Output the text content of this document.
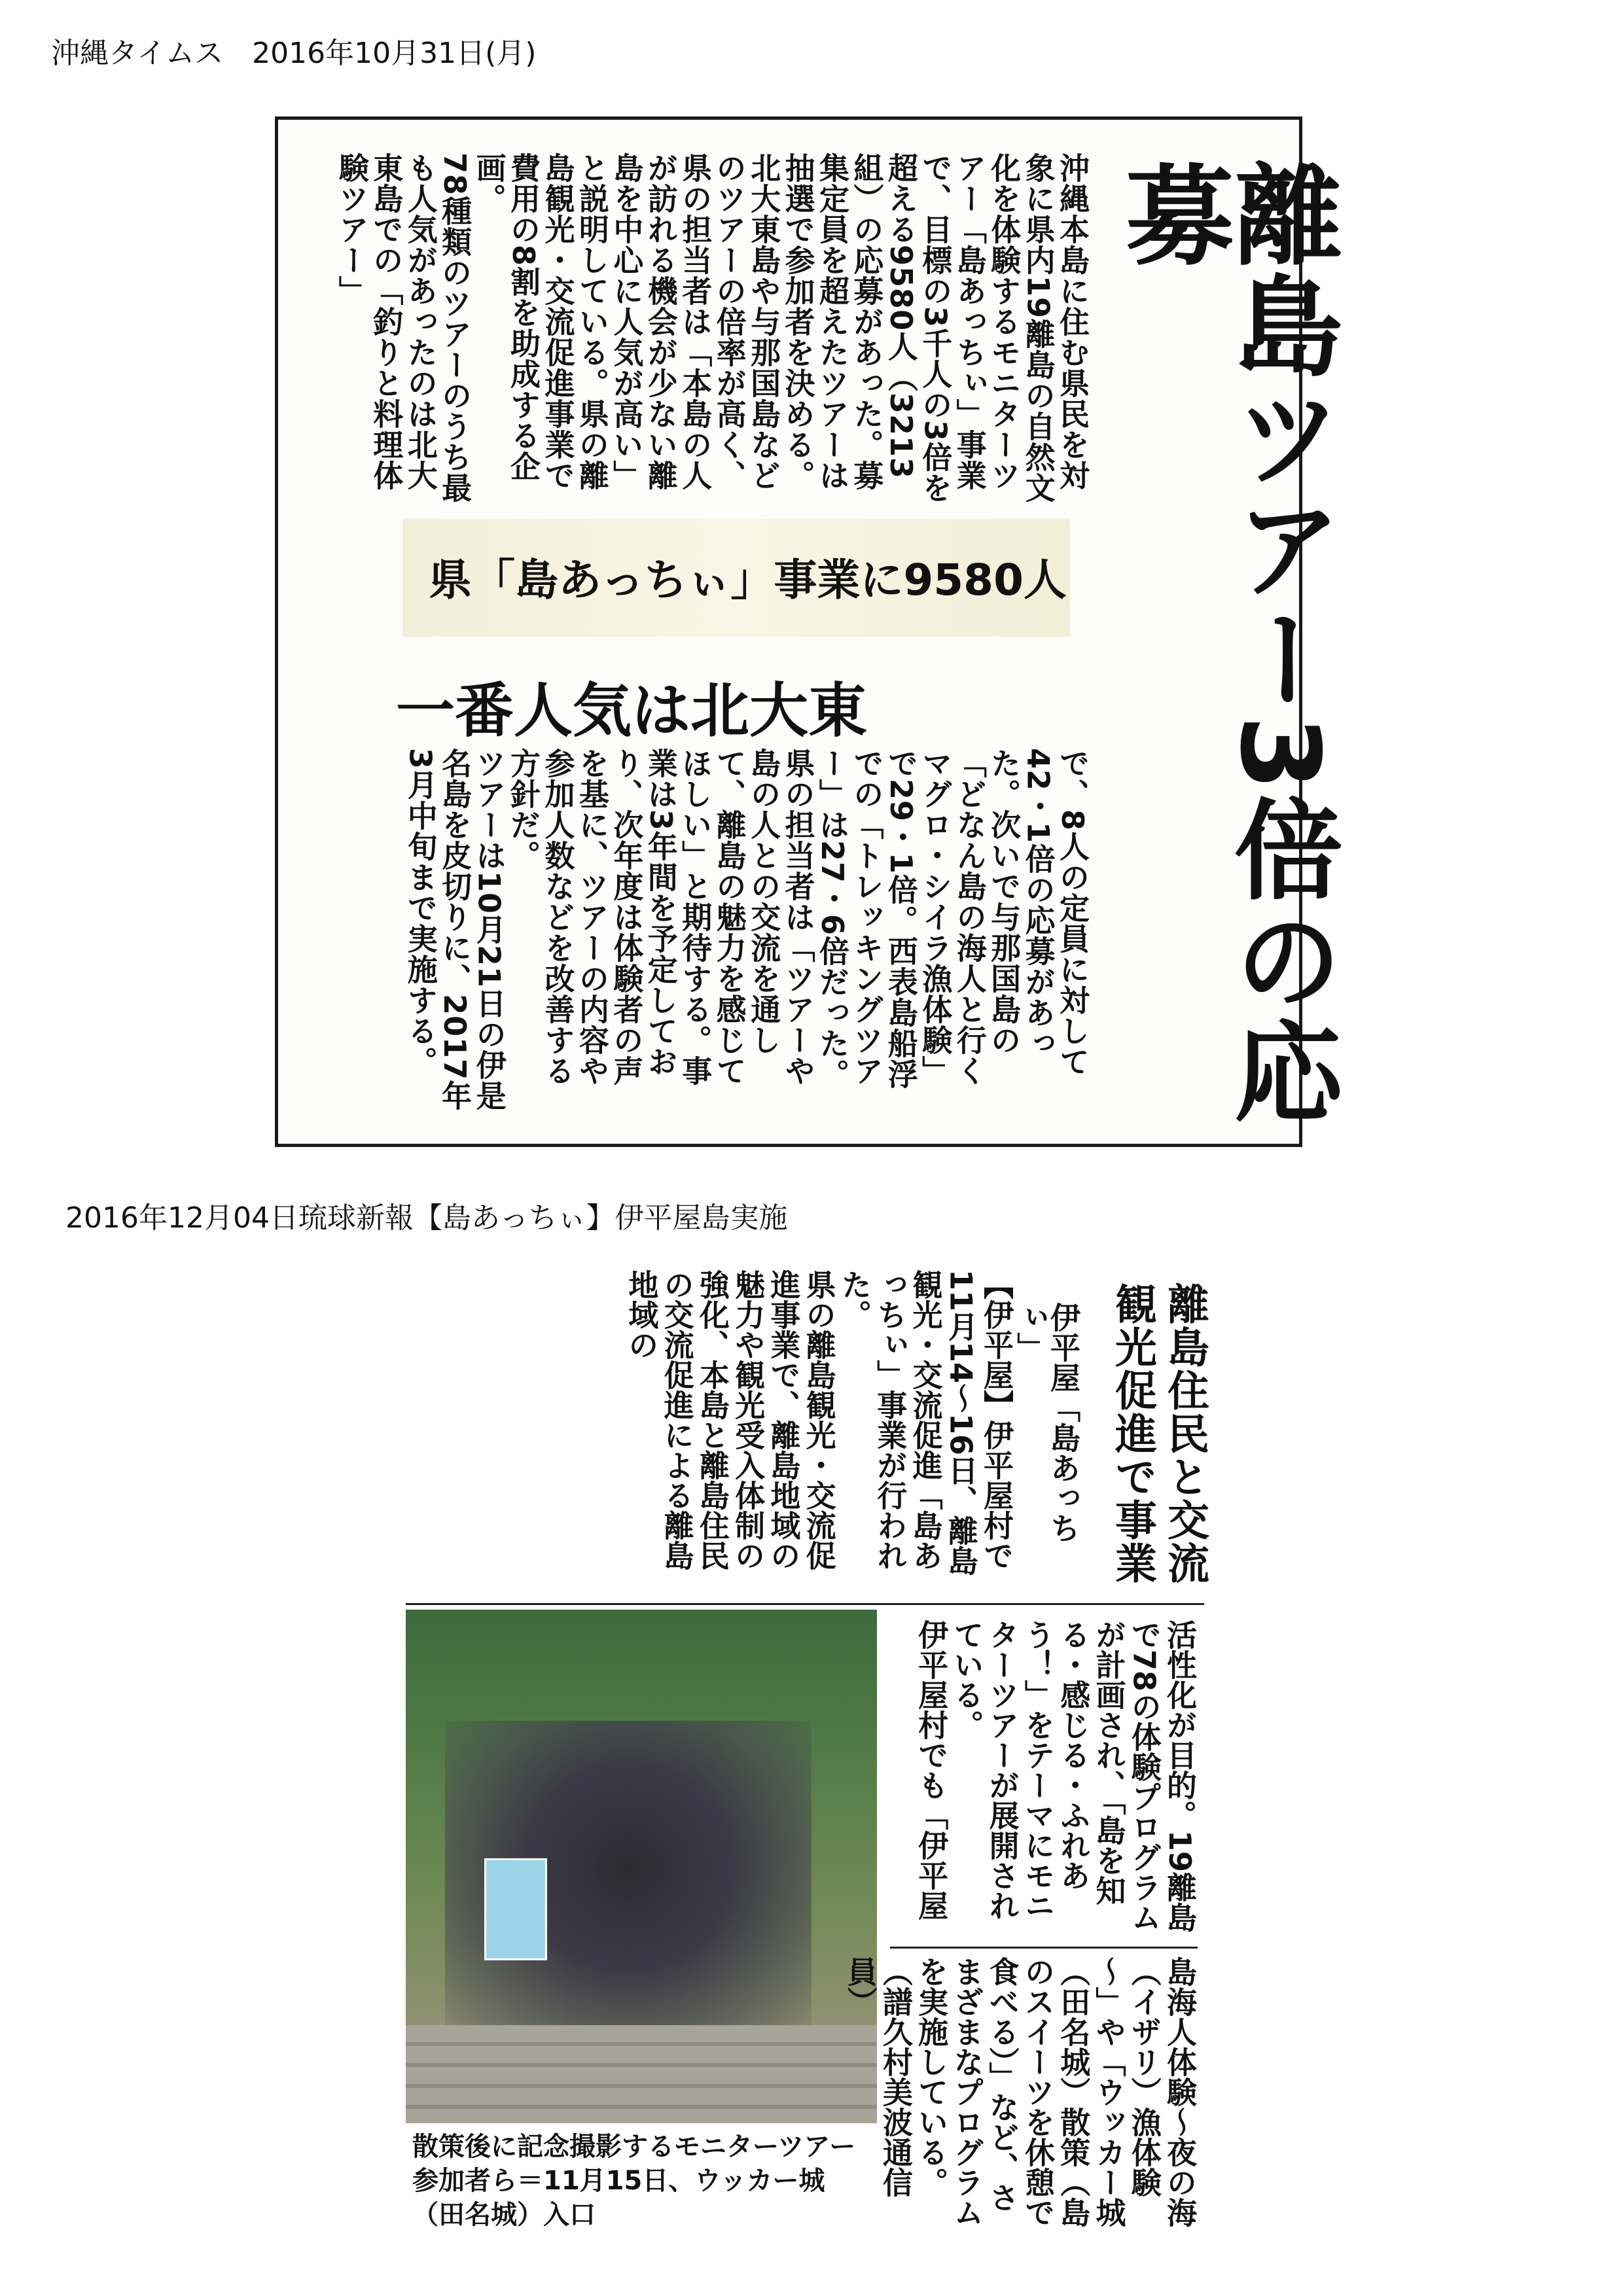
沖縄タイムス　2016年10月31日(月)
離島ツアー3倍の応募
県「島あっちぃ」事業に9580人
一番人気は北大東

沖縄本島に住む県民を対象に県内19離島の自然文化を体験するモニターツアー「島あっちぃ」事業で、目標の3千人の3倍を超える9580人（3213組）の応募があった。募集定員を超えたツアーは抽選で参加者を決める。北大東島や与那国島などのツアーの倍率が高く、県の担当者は「本島の人が訪れる機会が少ない離島を中心に人気が高い」と説明している。県の離島観光・交流促進事業で費用の8割を助成する企画。

78種類のツアーのうち最も人気があったのは北大東島での「釣りと料理体験ツアー」

で、8人の定員に対して42・1倍の応募があった。次いで与那国島の「どなん島の海人と行くマグロ・シイラ漁体験」で29・1倍。西表島船浮での「トレッキングツアー」は27・6倍だった。

県の担当者は「ツアーや島の人との交流を通して、離島の魅力を感じてほしい」と期待する。事業は3年間を予定しており、次年度は体験者の声を基に、ツアーの内容や参加人数などを改善する方針だ。

ツアーは10月21日の伊是名島を皮切りに、2017年3月中旬まで実施する。

2016年12月04日琉球新報【島あっちぃ】伊平屋島実施
離島住民と交流 観光促進で事業
伊平屋「島あっちぃ」

【伊平屋】伊平屋村で11月14～16日、離島観光・交流促進「島あっちぃ」事業が行われた。

県の離島観光・交流促進事業で、離島地域の魅力や観光受入体制の強化、本島と離島住民の交流促進による離島地域の

散策後に記念撮影するモニターツアー参加者ら＝11月15日、ウッカー城（田名城）入口

活性化が目的。19離島で78の体験プログラムが計画され、「島を知る・感じる・ふれあう！」をテーマにモニターツアーが展開されている。

伊平屋村でも「伊平屋

島海人体験～夜の海（イザリ）漁体験～」や「ウッカー城（田名城）散策（島のスイーツを休憩で食べる）」など、さまざまなプログラムを実施している。（譜久村美波通信員）
